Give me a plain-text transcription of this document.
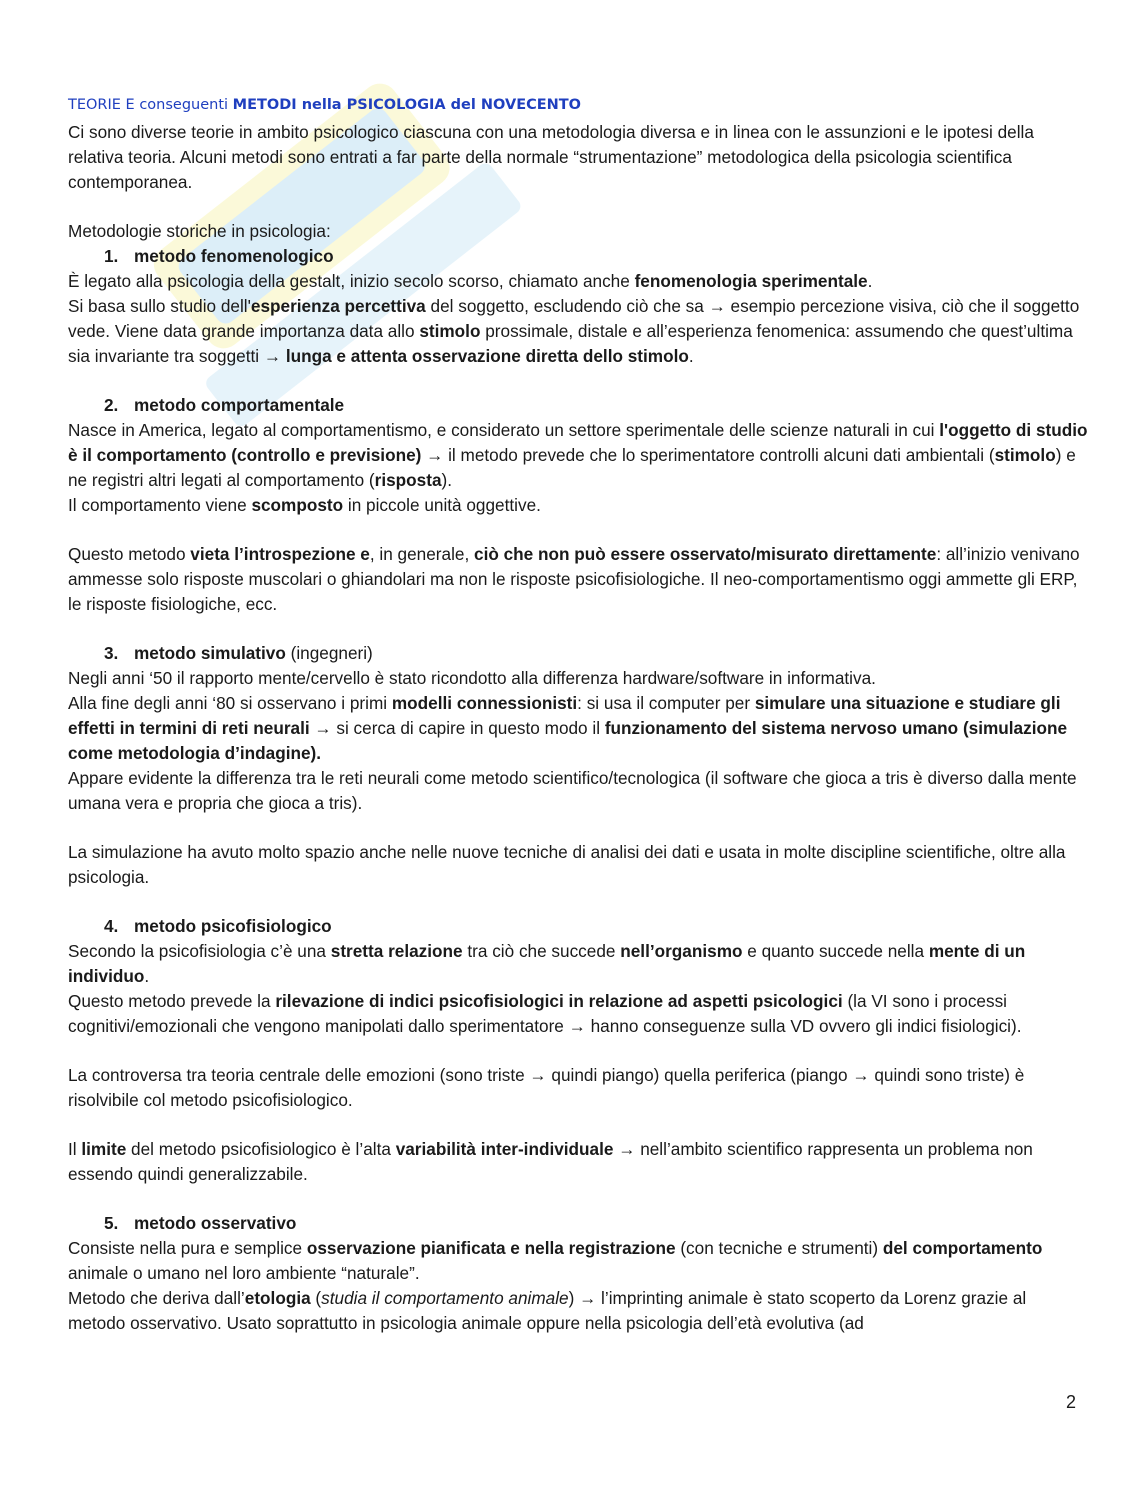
TEORIE E conseguenti METODI nella PSICOLOGIA del NOVECENTO

Ci sono diverse teorie in ambito psicologico ciascuna con una metodologia diversa e in linea con le assunzioni e le ipotesi della relativa teoria. Alcuni metodi sono entrati a far parte della normale “strumentazione” metodologica della psicologia scientifica contemporanea.

Metodologie storiche in psicologia:

1. metodo fenomenologico

È legato alla psicologia della gestalt, inizio secolo scorso, chiamato anche fenomenologia sperimentale.

Si basa sullo studio dell'esperienza percettiva del soggetto, escludendo ciò che sa → esempio percezione visiva, ciò che il soggetto vede. Viene data grande importanza data allo stimolo prossimale, distale e all’esperienza fenomenica: assumendo che quest’ultima sia invariante tra soggetti → lunga e attenta osservazione diretta dello stimolo.

2. metodo comportamentale

Nasce in America, legato al comportamentismo, e considerato un settore sperimentale delle scienze naturali in cui l'oggetto di studio è il comportamento (controllo e previsione) → il metodo prevede che lo sperimentatore controlli alcuni dati ambientali (stimolo) e ne registri altri legati al comportamento (risposta).

Il comportamento viene scomposto in piccole unità oggettive.

Questo metodo vieta l’introspezione e, in generale, ciò che non può essere osservato/misurato direttamente: all’inizio venivano ammesse solo risposte muscolari o ghiandolari ma non le risposte psicofisiologiche. Il neo-comportamentismo oggi ammette gli ERP, le risposte fisiologiche, ecc.

3. metodo simulativo (ingegneri)

Negli anni ‘50 il rapporto mente/cervello è stato ricondotto alla differenza hardware/software in informativa.

Alla fine degli anni ‘80 si osservano i primi modelli connessionisti: si usa il computer per simulare una situazione e studiare gli effetti in termini di reti neurali → si cerca di capire in questo modo il funzionamento del sistema nervoso umano (simulazione come metodologia d’indagine).

Appare evidente la differenza tra le reti neurali come metodo scientifico/tecnologica (il software che gioca a tris è diverso dalla mente umana vera e propria che gioca a tris).

La simulazione ha avuto molto spazio anche nelle nuove tecniche di analisi dei dati e usata in molte discipline scientifiche, oltre alla psicologia.

4. metodo psicofisiologico

Secondo la psicofisiologia c’è una stretta relazione tra ciò che succede nell’organismo e quanto succede nella mente di un individuo.

Questo metodo prevede la rilevazione di indici psicofisiologici in relazione ad aspetti psicologici (la VI sono i processi cognitivi/emozionali che vengono manipolati dallo sperimentatore → hanno conseguenze sulla VD ovvero gli indici fisiologici).

La controversa tra teoria centrale delle emozioni (sono triste → quindi piango) quella periferica (piango → quindi sono triste) è risolvibile col metodo psicofisiologico.

Il limite del metodo psicofisiologico è l’alta variabilità inter-individuale → nell’ambito scientifico rappresenta un problema non essendo quindi generalizzabile.

5. metodo osservativo

Consiste nella pura e semplice osservazione pianificata e nella registrazione (con tecniche e strumenti) del comportamento animale o umano nel loro ambiente “naturale”.

Metodo che deriva dall’etologia (studia il comportamento animale) → l’imprinting animale è stato scoperto da Lorenz grazie al metodo osservativo. Usato soprattutto in psicologia animale oppure nella psicologia dell’età evolutiva (ad

2
